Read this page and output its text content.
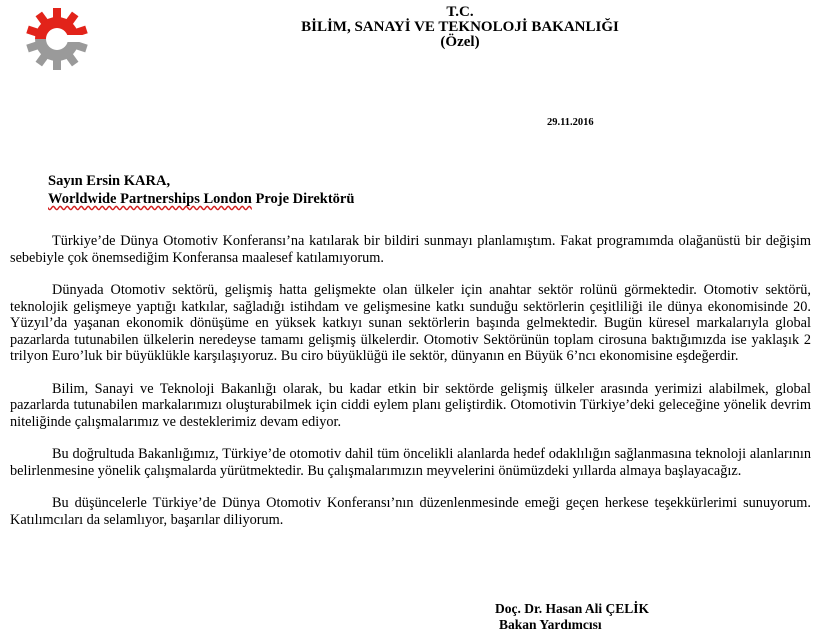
T.C.
BİLİM, SANAYİ VE TEKNOLOJİ BAKANLIĞI
(Özel)
29.11.2016
Sayın Ersin KARA,
Worldwide Partnerships London Proje Direktörü

Türkiye’de Dünya Otomotiv Konferansı’na katılarak bir bildiri sunmayı planlamıştım. Fakat programımda olağanüstü bir değişim sebebiyle çok önemsediğim Konferansa maalesef katılamıyorum.

Dünyada Otomotiv sektörü, gelişmiş hatta gelişmekte olan ülkeler için anahtar sektör rolünü görmektedir. Otomotiv sektörü, teknolojik gelişmeye yaptığı katkılar, sağladığı istihdam ve gelişmesine katkı sunduğu sektörlerin çeşitliliği ile dünya ekonomisinde 20. Yüzyıl’da yaşanan ekonomik dönüşüme en yüksek katkıyı sunan sektörlerin başında gelmektedir. Bugün küresel markalarıyla global pazarlarda tutunabilen ülkelerin neredeyse tamamı gelişmiş ülkelerdir. Otomotiv Sektörünün toplam cirosuna baktığımızda ise yaklaşık 2 trilyon Euro’luk bir büyüklükle karşılaşıyoruz. Bu ciro büyüklüğü ile sektör, dünyanın en Büyük 6’ncı ekonomisine eşdeğerdir.

Bilim, Sanayi ve Teknoloji Bakanlığı olarak, bu kadar etkin bir sektörde gelişmiş ülkeler arasında yerimizi alabilmek, global pazarlarda tutunabilen markalarımızı oluşturabilmek için ciddi eylem planı geliştirdik. Otomotivin Türkiye’deki geleceğine yönelik devrim niteliğinde çalışmalarımız ve desteklerimiz devam ediyor.

Bu doğrultuda Bakanlığımız, Türkiye’de otomotiv dahil tüm öncelikli alanlarda hedef odaklılığın sağlanmasına teknoloji alanlarının belirlenmesine yönelik çalışmalarda yürütmektedir. Bu çalışmalarımızın meyvelerini önümüzdeki yıllarda almaya başlayacağız.

Bu düşüncelerle Türkiye’de Dünya Otomotiv Konferansı’nın düzenlenmesinde emeği geçen herkese teşekkürlerimi sunuyorum. Katılımcıları da selamlıyor, başarılar diliyorum.

Doç. Dr. Hasan Ali ÇELİK
Bakan Yardımcısı
